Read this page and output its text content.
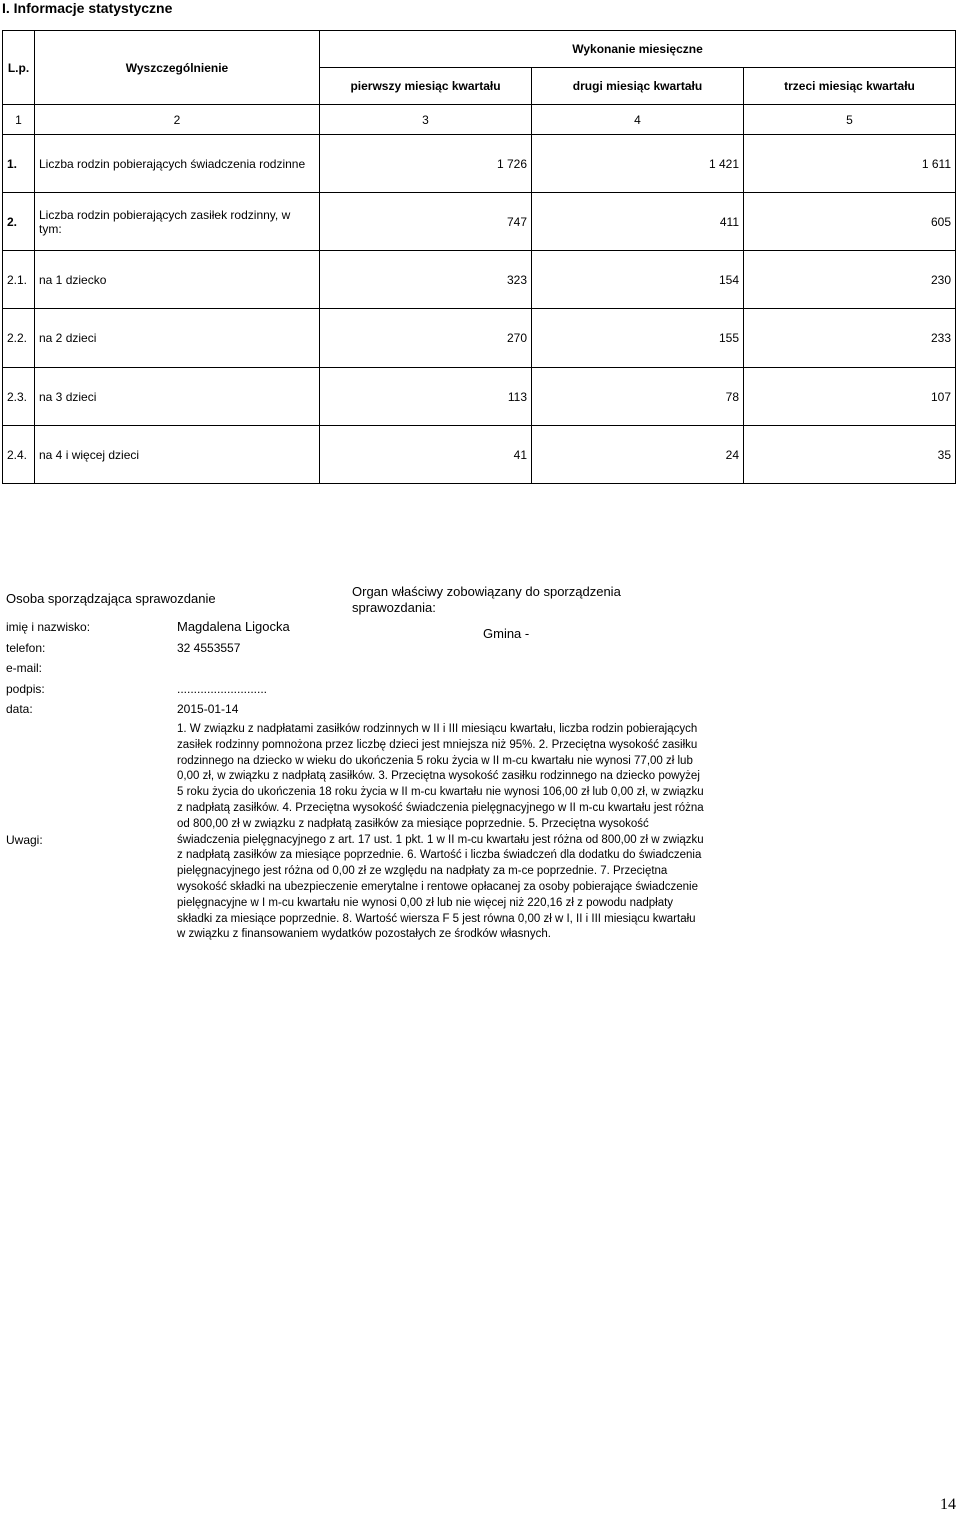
I. Informacje statystyczne
L.p.	Wyszczególnienie	Wykonanie miesięczne		
		pierwszy miesiąc kwartału	drugi miesiąc kwartału	trzeci miesiąc kwartału
1	2	3	4	5
1.	Liczba rodzin pobierających świadczenia rodzinne	1 726	1 421	1 611
2.	Liczba rodzin pobierających zasiłek rodzinny, w tym:	747	411	605
2.1.	na 1 dziecko	323	154	230
2.2.	na 2 dzieci	270	155	233
2.3.	na 3 dzieci	113	78	107
2.4.	na 4 i więcej dzieci	41	24	35
Osoba sporządzająca sprawozdanie
imię i nazwisko:	Magdalena Ligocka
telefon:	32 4553557
e-mail:
podpis:	...........................
data:	2015-01-14
Uwagi:
Organ właściwy zobowiązany do sporządzenia sprawozdania:
Gmina -
1. W związku z nadpłatami zasiłków rodzinnych w II i III miesiącu kwartału, liczba rodzin pobierających zasiłek rodzinny pomnożona przez liczbę dzieci jest mniejsza niż 95%. 2. Przeciętna wysokość zasiłku rodzinnego na dziecko w wieku do ukończenia 5 roku życia w II m-cu kwartału nie wynosi 77,00 zł lub 0,00 zł, w związku z nadpłatą zasiłków. 3. Przeciętna wysokość zasiłku rodzinnego na dziecko powyżej 5 roku życia do ukończenia 18 roku życia w II m-cu kwartału nie wynosi 106,00 zł lub 0,00 zł, w związku z nadpłatą zasiłków. 4. Przeciętna wysokość świadczenia pielęgnacyjnego w II m-cu kwartału jest różna od 800,00 zł w związku z nadpłatą zasiłków za miesiące poprzednie. 5. Przeciętna wysokość świadczenia pielęgnacyjnego z art. 17 ust. 1 pkt. 1 w II m-cu kwartału jest różna od 800,00 zł w związku z nadpłatą zasiłków za miesiące poprzednie. 6. Wartość i liczba świadczeń dla dodatku do świadczenia pielęgnacyjnego jest różna od 0,00 zł ze względu na nadpłaty za m-ce poprzednie. 7. Przeciętna wysokość składki na ubezpieczenie emerytalne i rentowe opłacanej za osoby pobierające świadczenie pielęgnacyjne w I m-cu kwartału nie wynosi 0,00 zł lub nie więcej niż 220,16 zł z powodu nadpłaty składki za miesiące poprzednie. 8. Wartość wiersza F 5 jest równa 0,00 zł w I, II i III miesiącu kwartału w związku z finansowaniem wydatków pozostałych ze środków własnych.
14
